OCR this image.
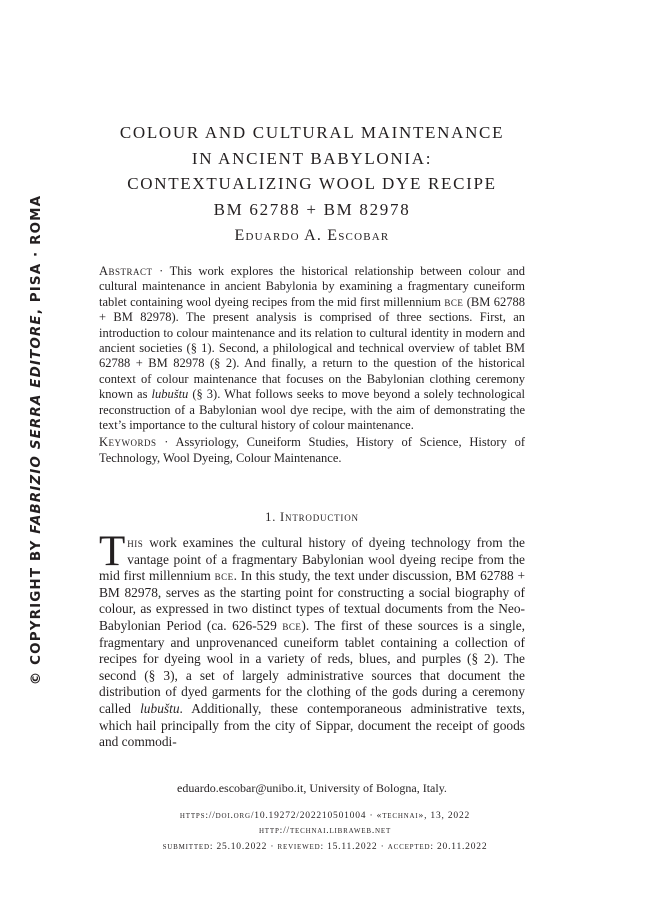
© COPYRIGHT BY FABRIZIO SERRA EDITORE, PISA · ROMA
COLOUR AND CULTURAL MAINTENANCE
IN ANCIENT BABYLONIA:
CONTEXTUALIZING WOOL DYE RECIPE
BM 62788 + BM 82978
Eduardo A. Escobar

Abstract · This work explores the historical relationship between colour and cultural maintenance in ancient Babylonia by examining a fragmentary cuneiform tablet containing wool dyeing recipes from the mid first millennium bce (BM 62788 + BM 82978). The present analysis is comprised of three sections. First, an introduction to colour maintenance and its relation to cultural identity in modern and ancient societies (§ 1). Second, a philological and technical overview of tablet BM 62788 + BM 82978 (§ 2). And finally, a return to the question of the historical context of colour maintenance that focuses on the Babylonian clothing ceremony known as lubuštu (§ 3). What follows seeks to move beyond a solely technological reconstruction of a Babylonian wool dye recipe, with the aim of demonstrating the text’s importance to the cultural history of colour maintenance.

Keywords · Assyriology, Cuneiform Studies, History of Science, History of Technology, Wool Dyeing, Colour Maintenance.

1. Introduction

This work examines the cultural history of dyeing technology from the vantage point of a fragmentary Babylonian wool dyeing recipe from the mid first millennium bce. In this study, the text under discussion, BM 62788 + BM 82978, serves as the starting point for constructing a social biography of colour, as expressed in two distinct types of textual documents from the Neo-Babylonian Period (ca. 626-529 bce). The first of these sources is a single, fragmentary and unprovenanced cuneiform tablet containing a collection of recipes for dyeing wool in a variety of reds, blues, and purples (§ 2). The second (§ 3), a set of largely administrative sources that document the distribution of dyed garments for the clothing of the gods during a ceremony called lubuštu. Additionally, these contemporaneous administrative texts, which hail principally from the city of Sippar, document the receipt of goods and commodi-

eduardo.escobar@unibo.it, University of Bologna, Italy.
https://doi.org/10.19272/202210501004 · «technai», 13, 2022
http://technai.libraweb.net
submitted: 25.10.2022 · reviewed: 15.11.2022 · accepted: 20.11.2022
